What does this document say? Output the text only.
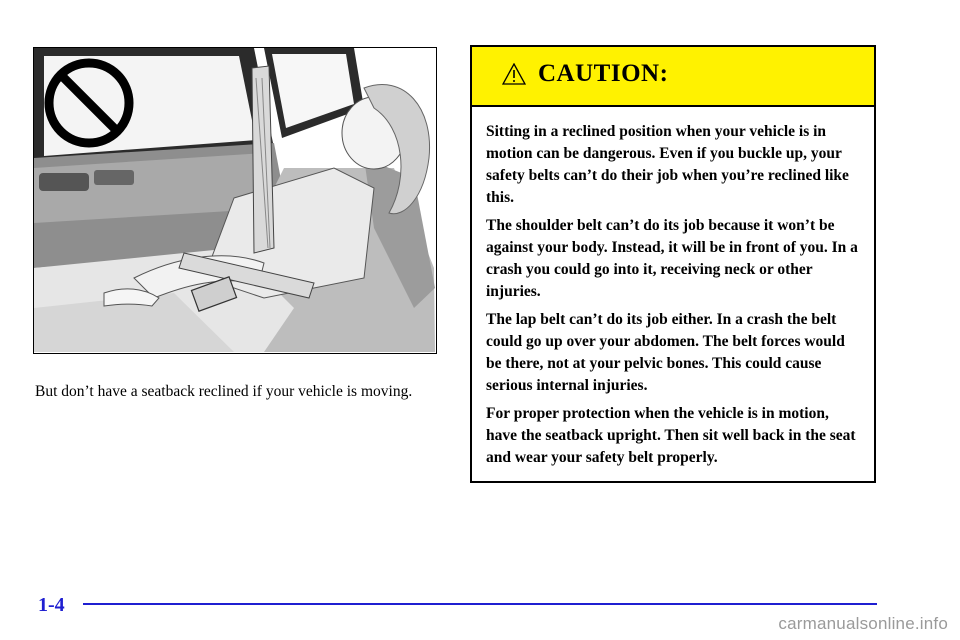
But don’t have a seatback reclined if your vehicle is moving.
CAUTION:

Sitting in a reclined position when your vehicle is in motion can be dangerous. Even if you buckle up, your safety belts can’t do their job when you’re reclined like this.

The shoulder belt can’t do its job because it won’t be against your body. Instead, it will be in front of you. In a crash you could go into it, receiving neck or other injuries.

The lap belt can’t do its job either. In a crash the belt could go up over your abdomen. The belt forces would be there, not at your pelvic bones. This could cause serious internal injuries.

For proper protection when the vehicle is in motion, have the seatback upright. Then sit well back in the seat and wear your safety belt properly.

1-4
carmanualsonline.info
